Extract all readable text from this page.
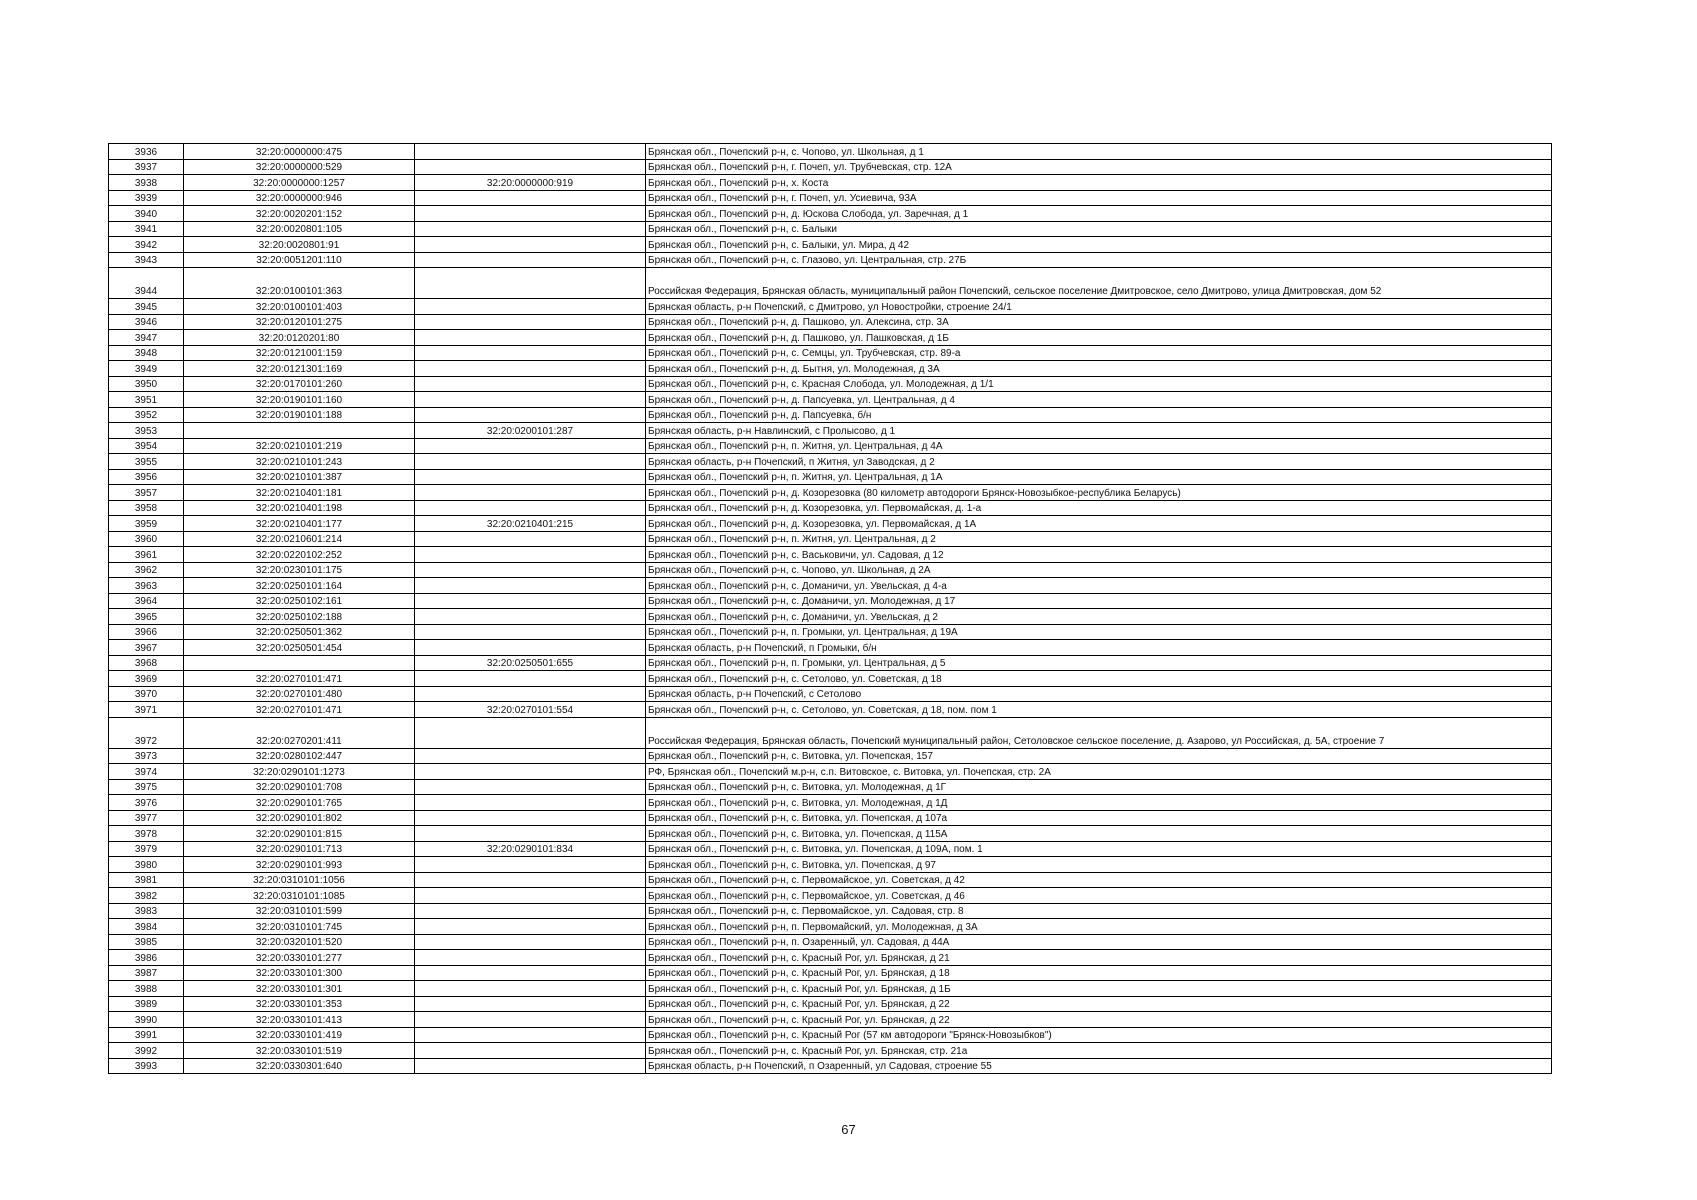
3936	32:20:0000000:475		Брянская обл., Почепский р-н, с. Чопово, ул. Школьная, д 1
3937	32:20:0000000:529		Брянская обл., Почепский р-н, г. Почеп, ул. Трубчевская, стр. 12А
3938	32:20:0000000:1257	32:20:0000000:919	Брянская обл., Почепский р-н, х. Коста
3939	32:20:0000000:946		Брянская обл., Почепский р-н, г. Почеп, ул. Усиевича, 93А
3940	32:20:0020201:152		Брянская обл., Почепский р-н, д. Юскова Слобода, ул. Заречная, д 1
3941	32:20:0020801:105		Брянская обл., Почепский р-н, с. Балыки
3942	32:20:0020801:91		Брянская обл., Почепский р-н, с. Балыки, ул. Мира, д 42
3943	32:20:0051201:110		Брянская обл., Почепский р-н, с. Глазово, ул. Центральная, стр. 27Б
3944	32:20:0100101:363		Российская Федерация, Брянская область, муниципальный район Почепский, сельское поселение Дмитровское, село Дмитрово, улица Дмитровская, дом 52
3945	32:20:0100101:403		Брянская область, р-н Почепский, с Дмитрово, ул Новостройки, строение 24/1
3946	32:20:0120101:275		Брянская обл., Почепский р-н, д. Пашково, ул. Алексина, стр. 3А
3947	32:20:0120201:80		Брянская обл., Почепский р-н, д. Пашково, ул. Пашковская, д 1Б
3948	32:20:0121001:159		Брянская обл., Почепский р-н, с. Семцы, ул. Трубчевская, стр. 89-а
3949	32:20:0121301:169		Брянская обл., Почепский р-н, д. Бытня, ул. Молодежная, д 3А
3950	32:20:0170101:260		Брянская обл., Почепский р-н, с. Красная Слобода, ул. Молодежная, д 1/1
3951	32:20:0190101:160		Брянская обл., Почепский р-н, д. Папсуевка, ул. Центральная, д 4
3952	32:20:0190101:188		Брянская обл., Почепский р-н, д. Папсуевка, б/н
3953		32:20:0200101:287	Брянская область, р-н Навлинский, с Пролысово, д 1
3954	32:20:0210101:219		Брянская обл., Почепский р-н, п. Житня, ул. Центральная, д 4А
3955	32:20:0210101:243		Брянская область, р-н Почепский, п Житня, ул Заводская, д 2
3956	32:20:0210101:387		Брянская обл., Почепский р-н, п. Житня, ул. Центральная, д 1А
3957	32:20:0210401:181		Брянская обл., Почепский р-н, д. Козорезовка (80 километр автодороги Брянск-Новозыбкое-республика Беларусь)
3958	32:20:0210401:198		Брянская обл., Почепский р-н, д. Козорезовка, ул. Первомайская, д. 1-а
3959	32:20:0210401:177	32:20:0210401:215	Брянская обл., Почепский р-н, д. Козорезовка, ул. Первомайская, д 1А
3960	32:20:0210601:214		Брянская обл., Почепский р-н, п. Житня, ул. Центральная, д 2
3961	32:20:0220102:252		Брянская обл., Почепский р-н, с. Васьковичи, ул. Садовая, д 12
3962	32:20:0230101:175		Брянская обл., Почепский р-н, с. Чопово, ул. Школьная, д 2А
3963	32:20:0250101:164		Брянская обл., Почепский р-н, с. Доманичи, ул. Увельская, д 4-а
3964	32:20:0250102:161		Брянская обл., Почепский р-н, с. Доманичи, ул. Молодежная, д 17
3965	32:20:0250102:188		Брянская обл., Почепский р-н, с. Доманичи, ул. Увельская, д 2
3966	32:20:0250501:362		Брянская обл., Почепский р-н, п. Громыки, ул. Центральная, д 19А
3967	32:20:0250501:454		Брянская область, р-н Почепский, п Громыки, б/н
3968		32:20:0250501:655	Брянская обл., Почепский р-н, п. Громыки, ул. Центральная, д 5
3969	32:20:0270101:471		Брянская обл., Почепский р-н, с. Сетолово, ул. Советская, д 18
3970	32:20:0270101:480		Брянская область, р-н Почепский, с Сетолово
3971	32:20:0270101:471	32:20:0270101:554	Брянская обл., Почепский р-н, с. Сетолово, ул. Советская, д 18, пом. пом 1
3972	32:20:0270201:411		Российская Федерация, Брянская область, Почепский муниципальный район, Сетоловское сельское поселение, д. Азарово, ул Российская, д. 5А, строение 7
3973	32:20:0280102:447		Брянская обл., Почепский р-н, с. Витовка, ул. Почепская, 157
3974	32:20:0290101:1273		РФ, Брянская обл., Почепский м.р-н, с.п. Витовское, с. Витовка, ул. Почепская, стр. 2А
3975	32:20:0290101:708		Брянская обл., Почепский р-н, с. Витовка, ул. Молодежная, д 1Г
3976	32:20:0290101:765		Брянская обл., Почепский р-н, с. Витовка, ул. Молодежная, д 1Д
3977	32:20:0290101:802		Брянская обл., Почепский р-н, с. Витовка, ул. Почепская, д 107а
3978	32:20:0290101:815		Брянская обл., Почепский р-н, с. Витовка, ул. Почепская, д 115А
3979	32:20:0290101:713	32:20:0290101:834	Брянская обл., Почепский р-н, с. Витовка, ул. Почепская, д 109А, пом. 1
3980	32:20:0290101:993		Брянская обл., Почепский р-н, с. Витовка, ул. Почепская, д 97
3981	32:20:0310101:1056		Брянская обл., Почепский р-н, с. Первомайское, ул. Советская, д 42
3982	32:20:0310101:1085		Брянская обл., Почепский р-н, с. Первомайское, ул. Советская, д 46
3983	32:20:0310101:599		Брянская обл., Почепский р-н, с. Первомайское, ул. Садовая, стр. 8
3984	32:20:0310101:745		Брянская обл., Почепский р-н, п. Первомайский, ул. Молодежная, д 3А
3985	32:20:0320101:520		Брянская обл., Почепский р-н, п. Озаренный, ул. Садовая, д 44А
3986	32:20:0330101:277		Брянская обл., Почепский р-н, с. Красный Рог, ул. Брянская, д 21
3987	32:20:0330101:300		Брянская обл., Почепский р-н, с. Красный Рог, ул. Брянская, д 18
3988	32:20:0330101:301		Брянская обл., Почепский р-н, с. Красный Рог, ул. Брянская, д 1Б
3989	32:20:0330101:353		Брянская обл., Почепский р-н, с. Красный Рог, ул. Брянская, д 22
3990	32:20:0330101:413		Брянская обл., Почепский р-н, с. Красный Рог, ул. Брянская, д 22
3991	32:20:0330101:419		Брянская обл., Почепский р-н, с. Красный Рог (57 км автодороги "Брянск-Новозыбков")
3992	32:20:0330101:519		Брянская обл., Почепский р-н, с. Красный Рог, ул. Брянская, стр. 21а
3993	32:20:0330301:640		Брянская область, р-н Почепский, п Озаренный, ул Садовая, строение 55
67
